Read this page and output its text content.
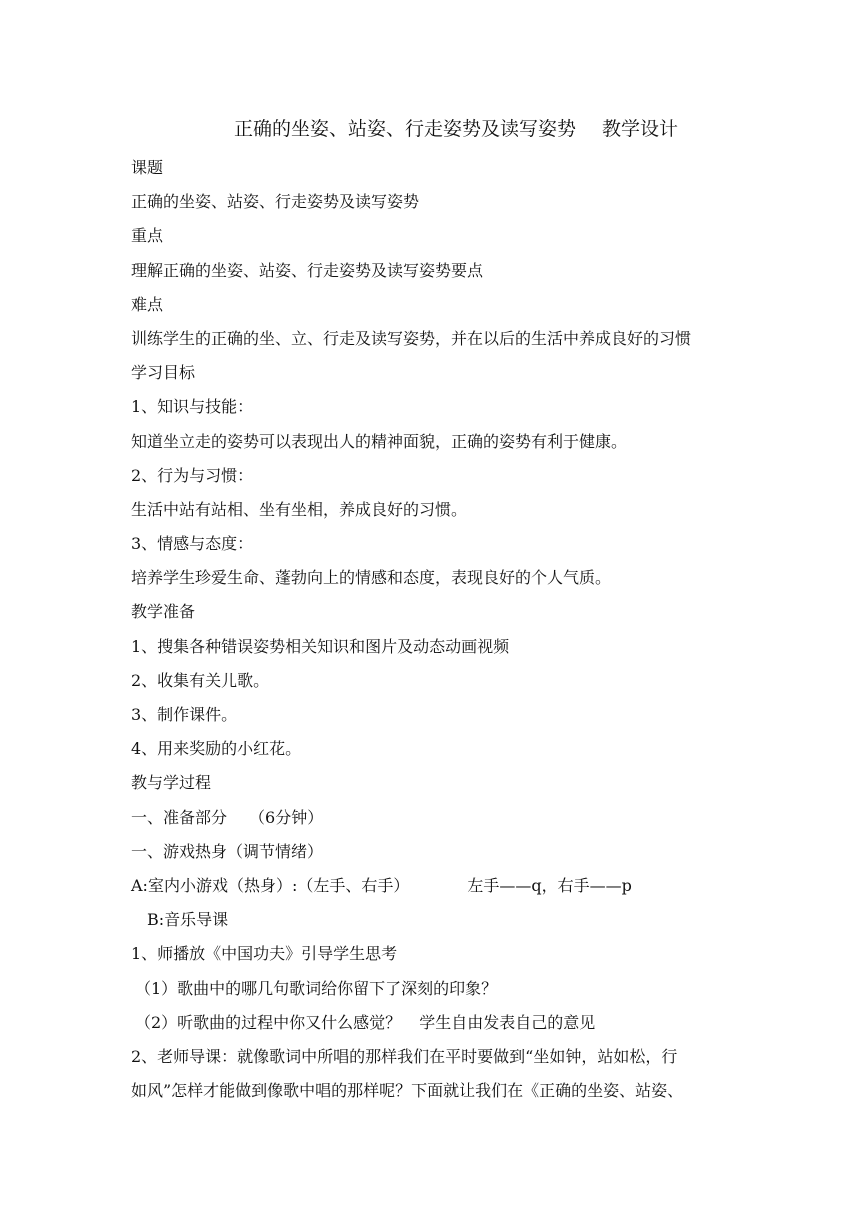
正确的坐姿、站姿、行走姿势及读写姿势 教学设计
课题
正确的坐姿、站姿、行走姿势及读写姿势
重点
理解正确的坐姿、站姿、行走姿势及读写姿势要点
难点
训练学生的正确的坐、立、行走及读写姿势，并在以后的生活中养成良好的习惯
学习目标
1、知识与技能：
知道坐立走的姿势可以表现出人的精神面貌，正确的姿势有利于健康。
2、行为与习惯：
生活中站有站相、坐有坐相，养成良好的习惯。
3、情感与态度：
培养学生珍爱生命、蓬勃向上的情感和态度，表现良好的个人气质。
教学准备
1、搜集各种错误姿势相关知识和图片及动态动画视频
2、收集有关儿歌。
3、制作课件。
4、用来奖励的小红花。
教与学过程
一、准备部分 （6分钟）
一、游戏热身（调节情绪）
A:室内小游戏（热身）:（左手、右手）	左手——q，右手——p
B:音乐导课
1、师播放《中国功夫》引导学生思考
（1）歌曲中的哪几句歌词给你留下了深刻的印象？
（2）听歌曲的过程中你又什么感觉？ 学生自由发表自己的意见
2、老师导课：就像歌词中所唱的那样我们在平时要做到“坐如钟，站如松，行
如风”怎样才能做到像歌中唱的那样呢？下面就让我们在《正确的坐姿、站姿、
